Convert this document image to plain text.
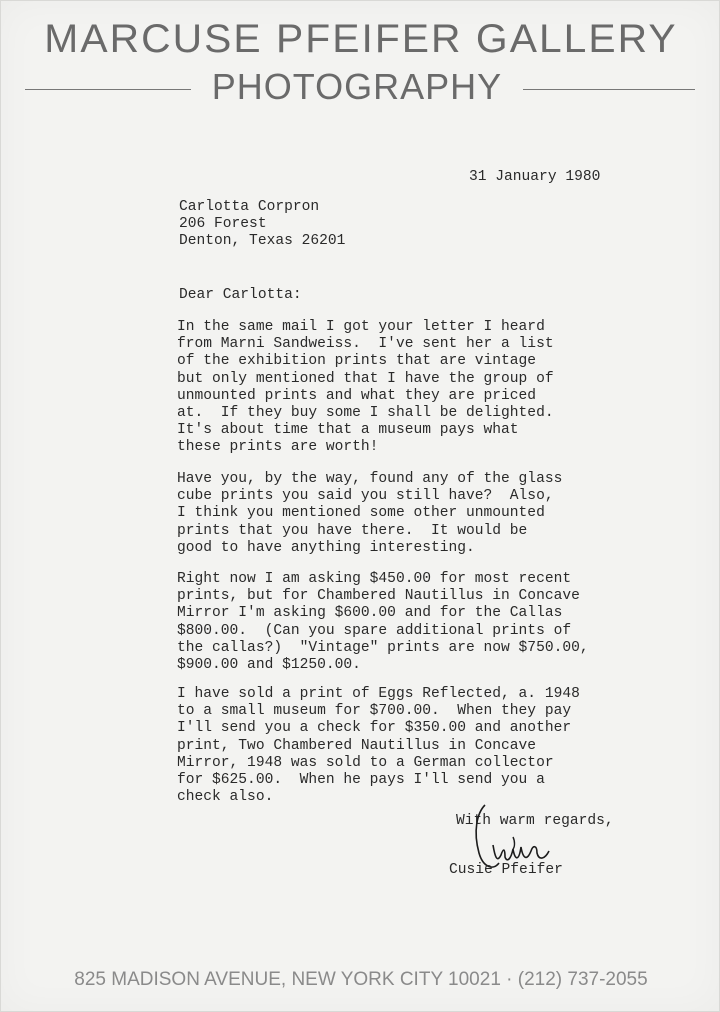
MARCUSE PFEIFER GALLERY
PHOTOGRAPHY
31 January 1980
Carlotta Corpron
206 Forest
Denton, Texas 26201
Dear Carlotta:
In the same mail I got your letter I heard
from Marni Sandweiss.  I've sent her a list
of the exhibition prints that are vintage
but only mentioned that I have the group of
unmounted prints and what they are priced
at.  If they buy some I shall be delighted.
It's about time that a museum pays what
these prints are worth!
Have you, by the way, found any of the glass
cube prints you said you still have?  Also,
I think you mentioned some other unmounted
prints that you have there.  It would be
good to have anything interesting.
Right now I am asking $450.00 for most recent
prints, but for Chambered Nautillus in Concave
Mirror I'm asking $600.00 and for the Callas
$800.00.  (Can you spare additional prints of
the callas?)  "Vintage" prints are now $750.00,
$900.00 and $1250.00.
I have sold a print of Eggs Reflected, a. 1948
to a small museum for $700.00.  When they pay
I'll send you a check for $350.00 and another
print, Two Chambered Nautillus in Concave
Mirror, 1948 was sold to a German collector
for $625.00.  When he pays I'll send you a
check also.
With warm regards,
Cusie Pfeifer
825 MADISON AVENUE, NEW YORK CITY 10021 · (212) 737-2055
